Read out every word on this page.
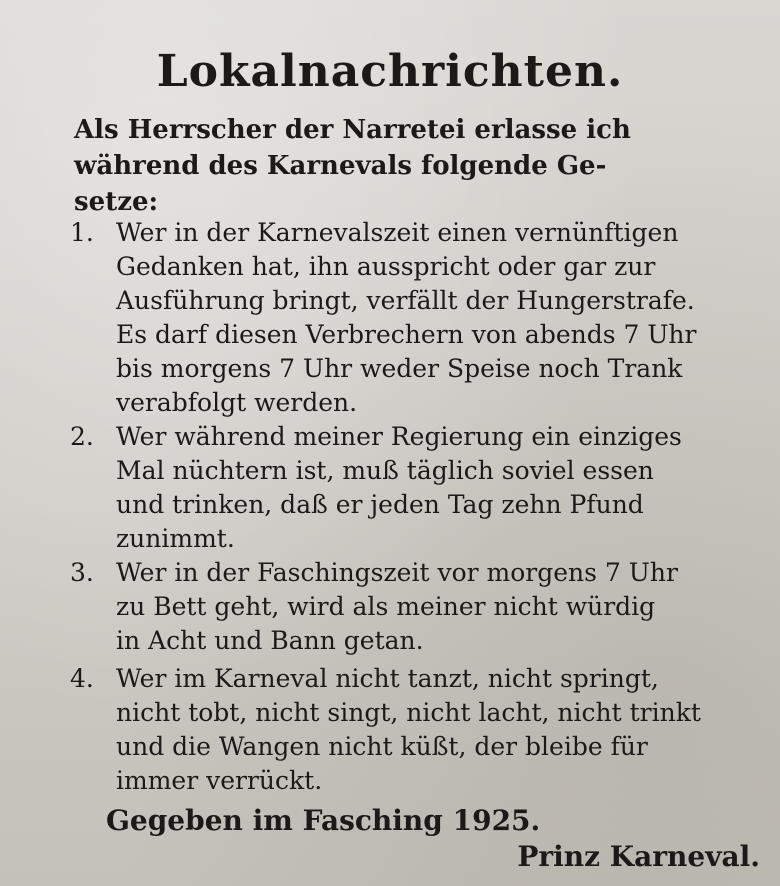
Lokalnachrichten.

Als Herrscher der Narretei erlasse ich
während des Karnevals folgende Ge-
setze:

1. Wer in der Karnevalszeit einen vernünftigen
Gedanken hat, ihn ausspricht oder gar zur
Ausführung bringt, verfällt der Hungerstrafe.
Es darf diesen Verbrechern von abends 7 Uhr
bis morgens 7 Uhr weder Speise noch Trank
verabfolgt werden.
2. Wer während meiner Regierung ein einziges
Mal nüchtern ist, muß täglich soviel essen
und trinken, daß er jeden Tag zehn Pfund
zunimmt.
3. Wer in der Faschingszeit vor morgens 7 Uhr
zu Bett geht, wird als meiner nicht würdig
in Acht und Bann getan.
4. Wer im Karneval nicht tanzt, nicht springt,
nicht tobt, nicht singt, nicht lacht, nicht trinkt
und die Wangen nicht küßt, der bleibe für
immer verrückt.

Gegeben im Fasching 1925.

Prinz Karneval.
